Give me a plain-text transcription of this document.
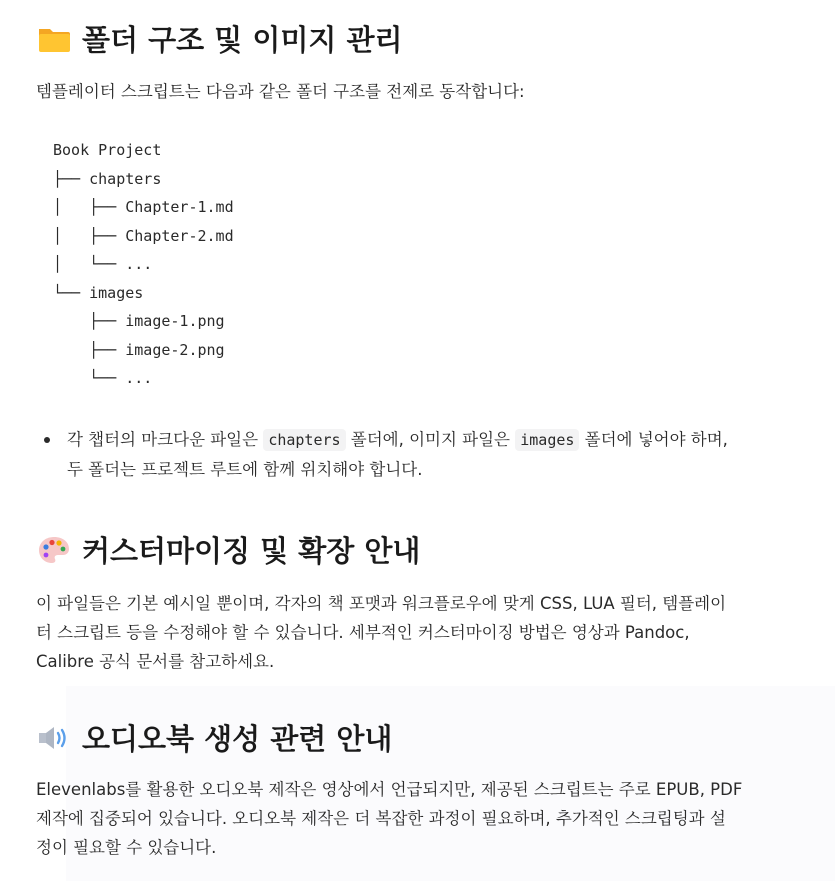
폴더 구조 및 이미지 관리

템플레이터 스크립트는 다음과 같은 폴더 구조를 전제로 동작합니다:

Book Project
├── chapters
│   ├── Chapter-1.md
│   ├── Chapter-2.md
│   └── ...
└── images
├── image-1.png
├── image-2.png
└── ...
각 챕터의 마크다운 파일은 chapters 폴더에, 이미지 파일은 images 폴더에 넣어야 하며,
두 폴더는 프로젝트 루트에 함께 위치해야 합니다.
커스터마이징 및 확장 안내

이 파일들은 기본 예시일 뿐이며, 각자의 책 포맷과 워크플로우에 맞게 CSS, LUA 필터, 템플레이
터 스크립트 등을 수정해야 할 수 있습니다. 세부적인 커스터마이징 방법은 영상과 Pandoc,
Calibre 공식 문서를 참고하세요.

오디오북 생성 관련 안내

Elevenlabs를 활용한 오디오북 제작은 영상에서 언급되지만, 제공된 스크립트는 주로 EPUB, PDF
제작에 집중되어 있습니다. 오디오북 제작은 더 복잡한 과정이 필요하며, 추가적인 스크립팅과 설
정이 필요할 수 있습니다.
